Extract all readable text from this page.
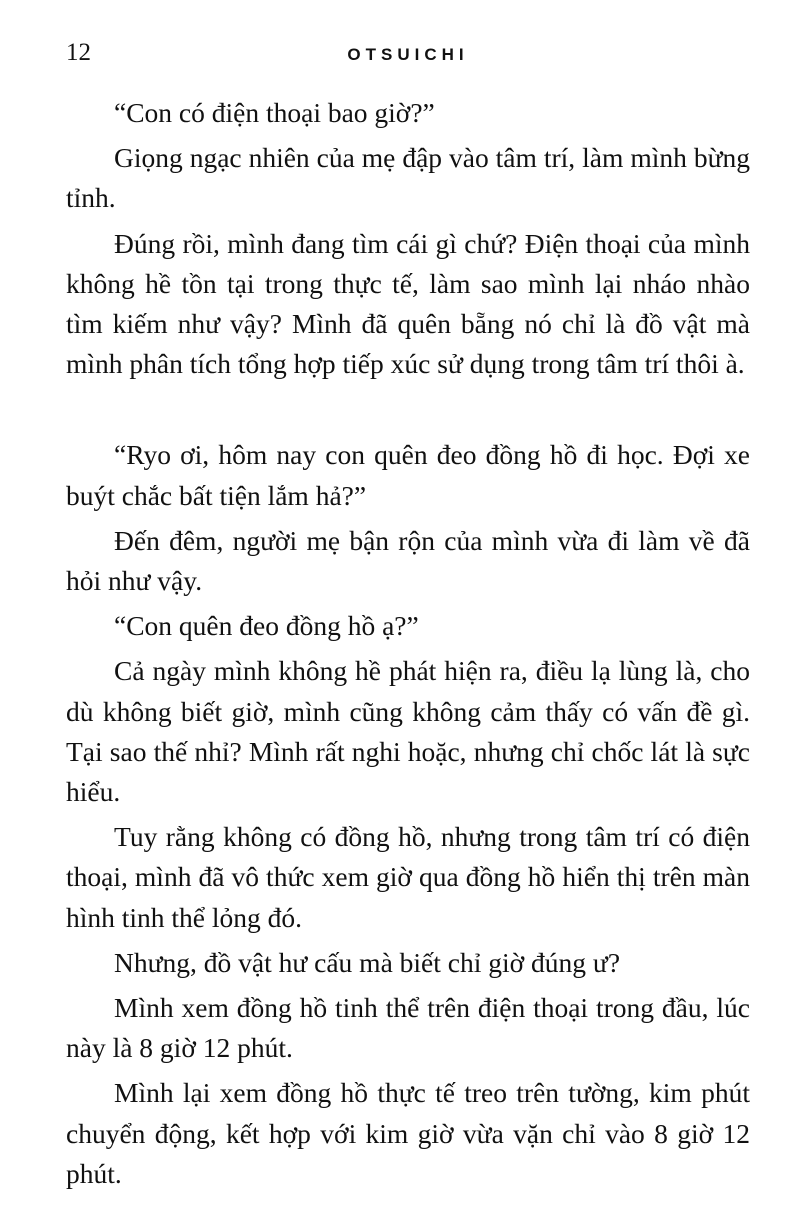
12	OTSUICHI

“Con có điện thoại bao giờ?”

Giọng ngạc nhiên của mẹ đập vào tâm trí, làm mình bừng tỉnh.

Đúng rồi, mình đang tìm cái gì chứ? Điện thoại của mình không hề tồn tại trong thực tế, làm sao mình lại nháo nhào tìm kiếm như vậy? Mình đã quên bẵng nó chỉ là đồ vật mà mình phân tích tổng hợp tiếp xúc sử dụng trong tâm trí thôi à.

“Ryo ơi, hôm nay con quên đeo đồng hồ đi học. Đợi xe buýt chắc bất tiện lắm hả?”

Đến đêm, người mẹ bận rộn của mình vừa đi làm về đã hỏi như vậy.

“Con quên đeo đồng hồ ạ?”

Cả ngày mình không hề phát hiện ra, điều lạ lùng là, cho dù không biết giờ, mình cũng không cảm thấy có vấn đề gì. Tại sao thế nhỉ? Mình rất nghi hoặc, nhưng chỉ chốc lát là sực hiểu.

Tuy rằng không có đồng hồ, nhưng trong tâm trí có điện thoại, mình đã vô thức xem giờ qua đồng hồ hiển thị trên màn hình tinh thể lỏng đó.

Nhưng, đồ vật hư cấu mà biết chỉ giờ đúng ư?

Mình xem đồng hồ tinh thể trên điện thoại trong đầu, lúc này là 8 giờ 12 phút.

Mình lại xem đồng hồ thực tế treo trên tường, kim phút chuyển động, kết hợp với kim giờ vừa vặn chỉ vào 8 giờ 12 phút.
